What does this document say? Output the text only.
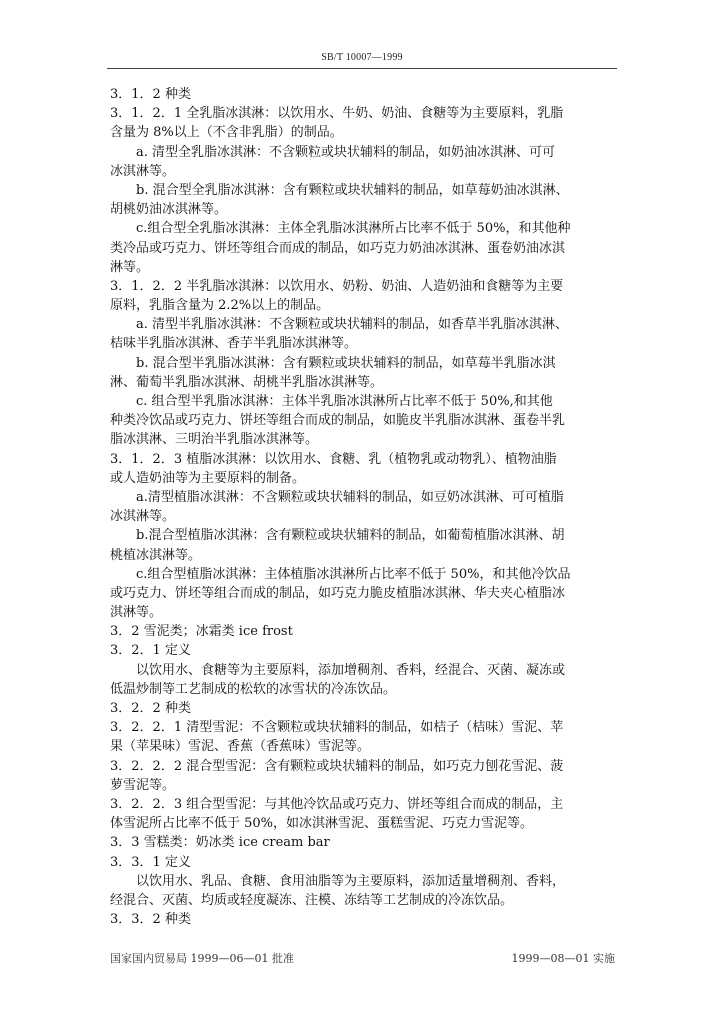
SB/T 10007—1999
3．1．2 种类
3．1．2．1 全乳脂冰淇淋：以饮用水、牛奶、奶油、食糖等为主要原料，乳脂
含量为 8%以上（不含非乳脂）的制品。
a. 清型全乳脂冰淇淋：不含颗粒或块状辅料的制品，如奶油冰淇淋、可可
冰淇淋等。
b. 混合型全乳脂冰淇淋：含有颗粒或块状辅料的制品，如草莓奶油冰淇淋、
胡桃奶油冰淇淋等。
c.组合型全乳脂冰淇淋：主体全乳脂冰淇淋所占比率不低于 50%，和其他种
类冷品或巧克力、饼坯等组合而成的制品，如巧克力奶油冰淇淋、蛋卷奶油冰淇
淋等。
3．1．2．2 半乳脂冰淇淋：以饮用水、奶粉、奶油、人造奶油和食糖等为主要
原料，乳脂含量为 2.2%以上的制品。
a. 清型半乳脂冰淇淋：不含颗粒或块状辅料的制品，如香草半乳脂冰淇淋、
桔味半乳脂冰淇淋、香芋半乳脂冰淇淋等。
b. 混合型半乳脂冰淇淋：含有颗粒或块状辅料的制品，如草莓半乳脂冰淇
淋、葡萄半乳脂冰淇淋、胡桃半乳脂冰淇淋等。
c. 组合型半乳脂冰淇淋：主体半乳脂冰淇淋所占比率不低于 50%,和其他
种类冷饮品或巧克力、饼坯等组合而成的制品，如脆皮半乳脂冰淇淋、蛋卷半乳
脂冰淇淋、三明治半乳脂冰淇淋等。
3．1．2．3 植脂冰淇淋：以饮用水、食糖、乳（植物乳或动物乳）、植物油脂
或人造奶油等为主要原料的制备。
a.清型植脂冰淇淋：不含颗粒或块状辅料的制品，如豆奶冰淇淋、可可植脂
冰淇淋等。
b.混合型植脂冰淇淋：含有颗粒或块状辅料的制品，如葡萄植脂冰淇淋、胡
桃植冰淇淋等。
c.组合型植脂冰淇淋：主体植脂冰淇淋所占比率不低于 50%，和其他冷饮品
或巧克力、饼坯等组合而成的制品，如巧克力脆皮植脂冰淇淋、华夫夹心植脂冰
淇淋等。
3．2 雪泥类；冰霜类 ice frost
3．2．1 定义
以饮用水、食糖等为主要原料，添加增稠剂、香料，经混合、灭菌、凝冻或
低温炒制等工艺制成的松软的冰雪状的冷冻饮品。
3．2．2 种类
3．2．2．1 清型雪泥：不含颗粒或块状辅料的制品，如桔子（桔味）雪泥、苹
果（苹果味）雪泥、香蕉（香蕉味）雪泥等。
3．2．2．2 混合型雪泥：含有颗粒或块状辅料的制品，如巧克力刨花雪泥、菠
萝雪泥等。
3．2．2．3 组合型雪泥：与其他冷饮品或巧克力、饼坯等组合而成的制品，主
体雪泥所占比率不低于 50%，如冰淇淋雪泥、蛋糕雪泥、巧克力雪泥等。
3．3 雪糕类：奶冰类 ice cream bar
3．3．1 定义
以饮用水、乳品、食糖、食用油脂等为主要原料，添加适量增稠剂、香料，
经混合、灭菌、均质或轻度凝冻、注模、冻结等工艺制成的冷冻饮品。
3．3．2 种类
国家国内贸易局 1999—06—01 批准	1999—08—01 实施
